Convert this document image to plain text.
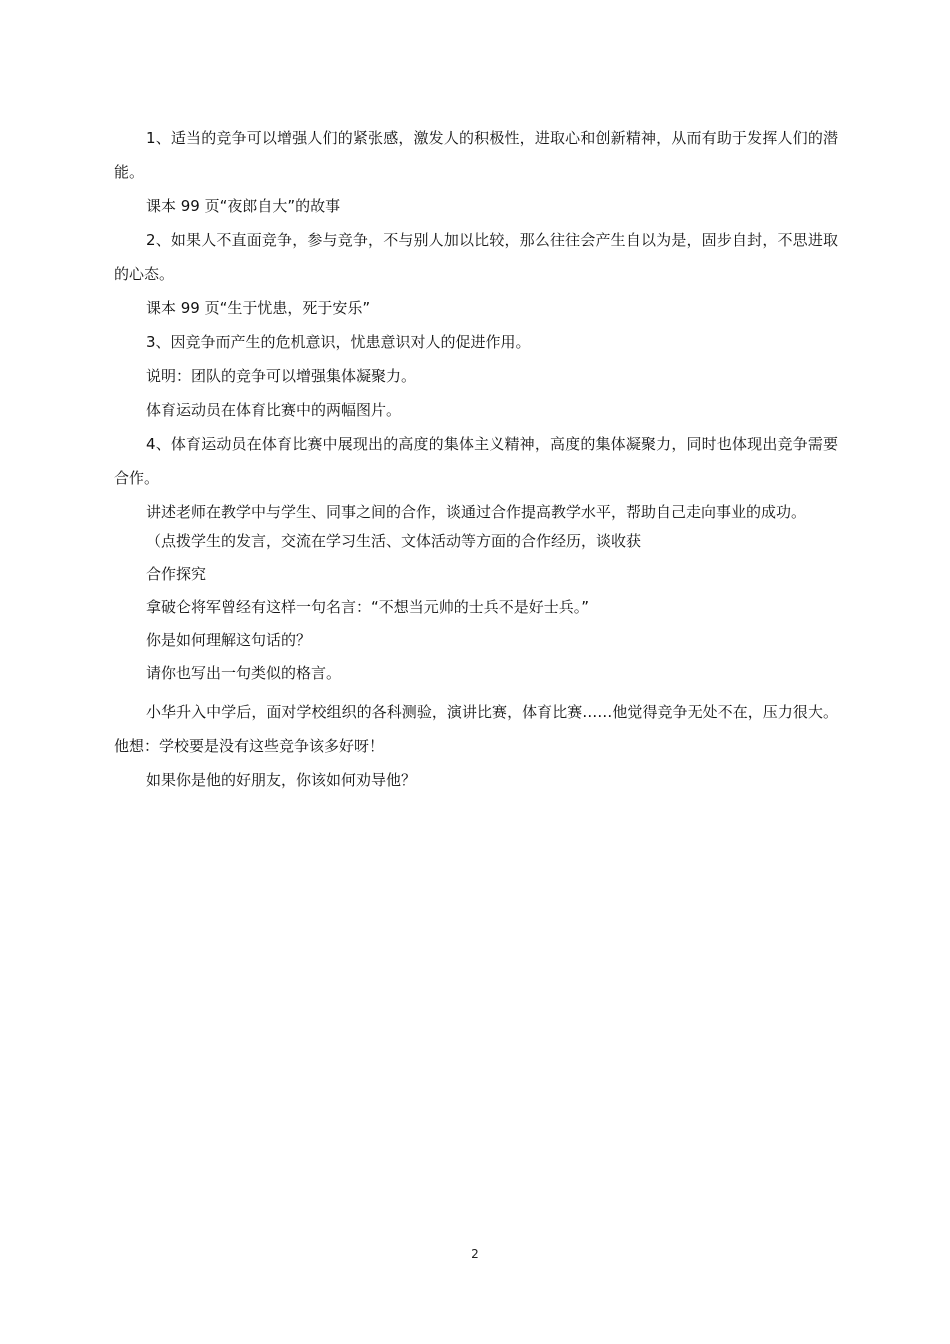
1、适当的竞争可以增强人们的紧张感，激发人的积极性，进取心和创新精神，从而有助于发挥人们的潜能。

课本 99 页“夜郎自大”的故事

2、如果人不直面竞争，参与竞争，不与别人加以比较，那么往往会产生自以为是，固步自封，不思进取的心态。

课本 99 页“生于忧患，死于安乐”

3、因竞争而产生的危机意识，忧患意识对人的促进作用。

说明：团队的竞争可以增强集体凝聚力。

体育运动员在体育比赛中的两幅图片。

4、体育运动员在体育比赛中展现出的高度的集体主义精神，高度的集体凝聚力，同时也体现出竞争需要合作。

讲述老师在教学中与学生、同事之间的合作，谈通过合作提高教学水平，帮助自己走向事业的成功。

（点拨学生的发言，交流在学习生活、文体活动等方面的合作经历，谈收获

合作探究

拿破仑将军曾经有这样一句名言：“不想当元帅的士兵不是好士兵。”

你是如何理解这句话的？

请你也写出一句类似的格言。

小华升入中学后，面对学校组织的各科测验，演讲比赛，体育比赛……他觉得竞争无处不在，压力很大。他想：学校要是没有这些竞争该多好呀！

如果你是他的好朋友，你该如何劝导他？

2
